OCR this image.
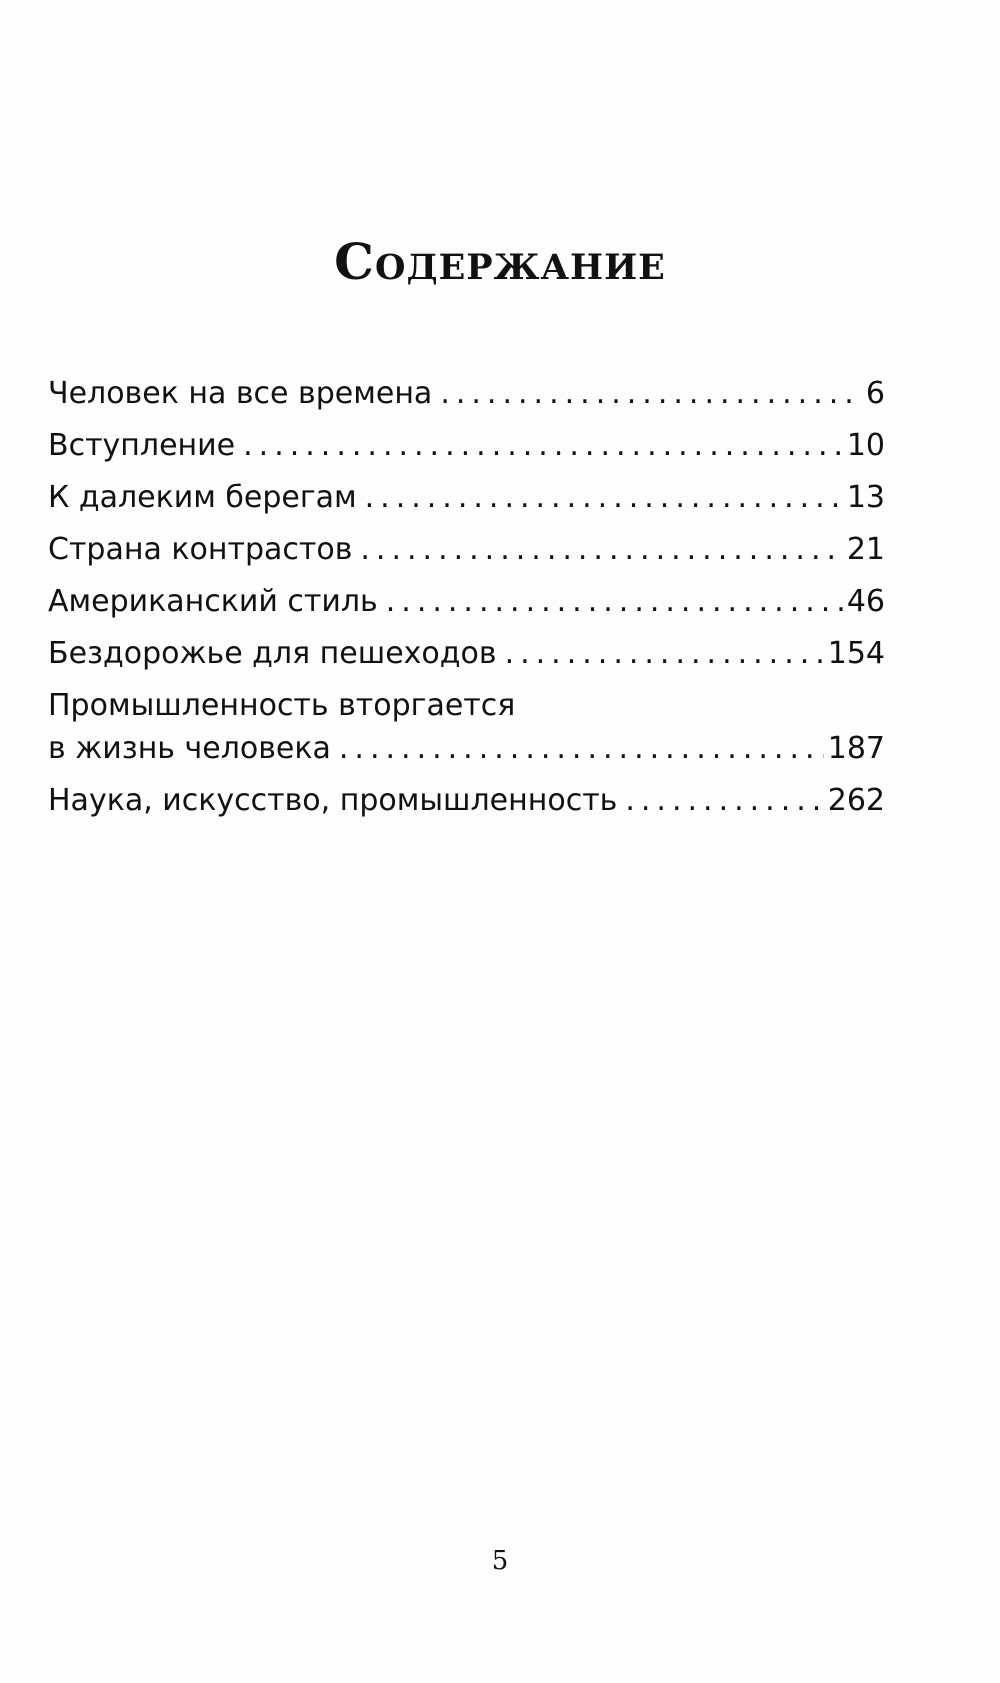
Содержание
Человек на все времена .....	6
Вступление .....	10
К далеким берегам .....	13
Страна контрастов .....	21
Американский стиль .....	46
Бездорожье для пешеходов .....	154
Промышленность вторгается
в жизнь человека .....	187
Наука, искусство, промышленность .....	262
5
